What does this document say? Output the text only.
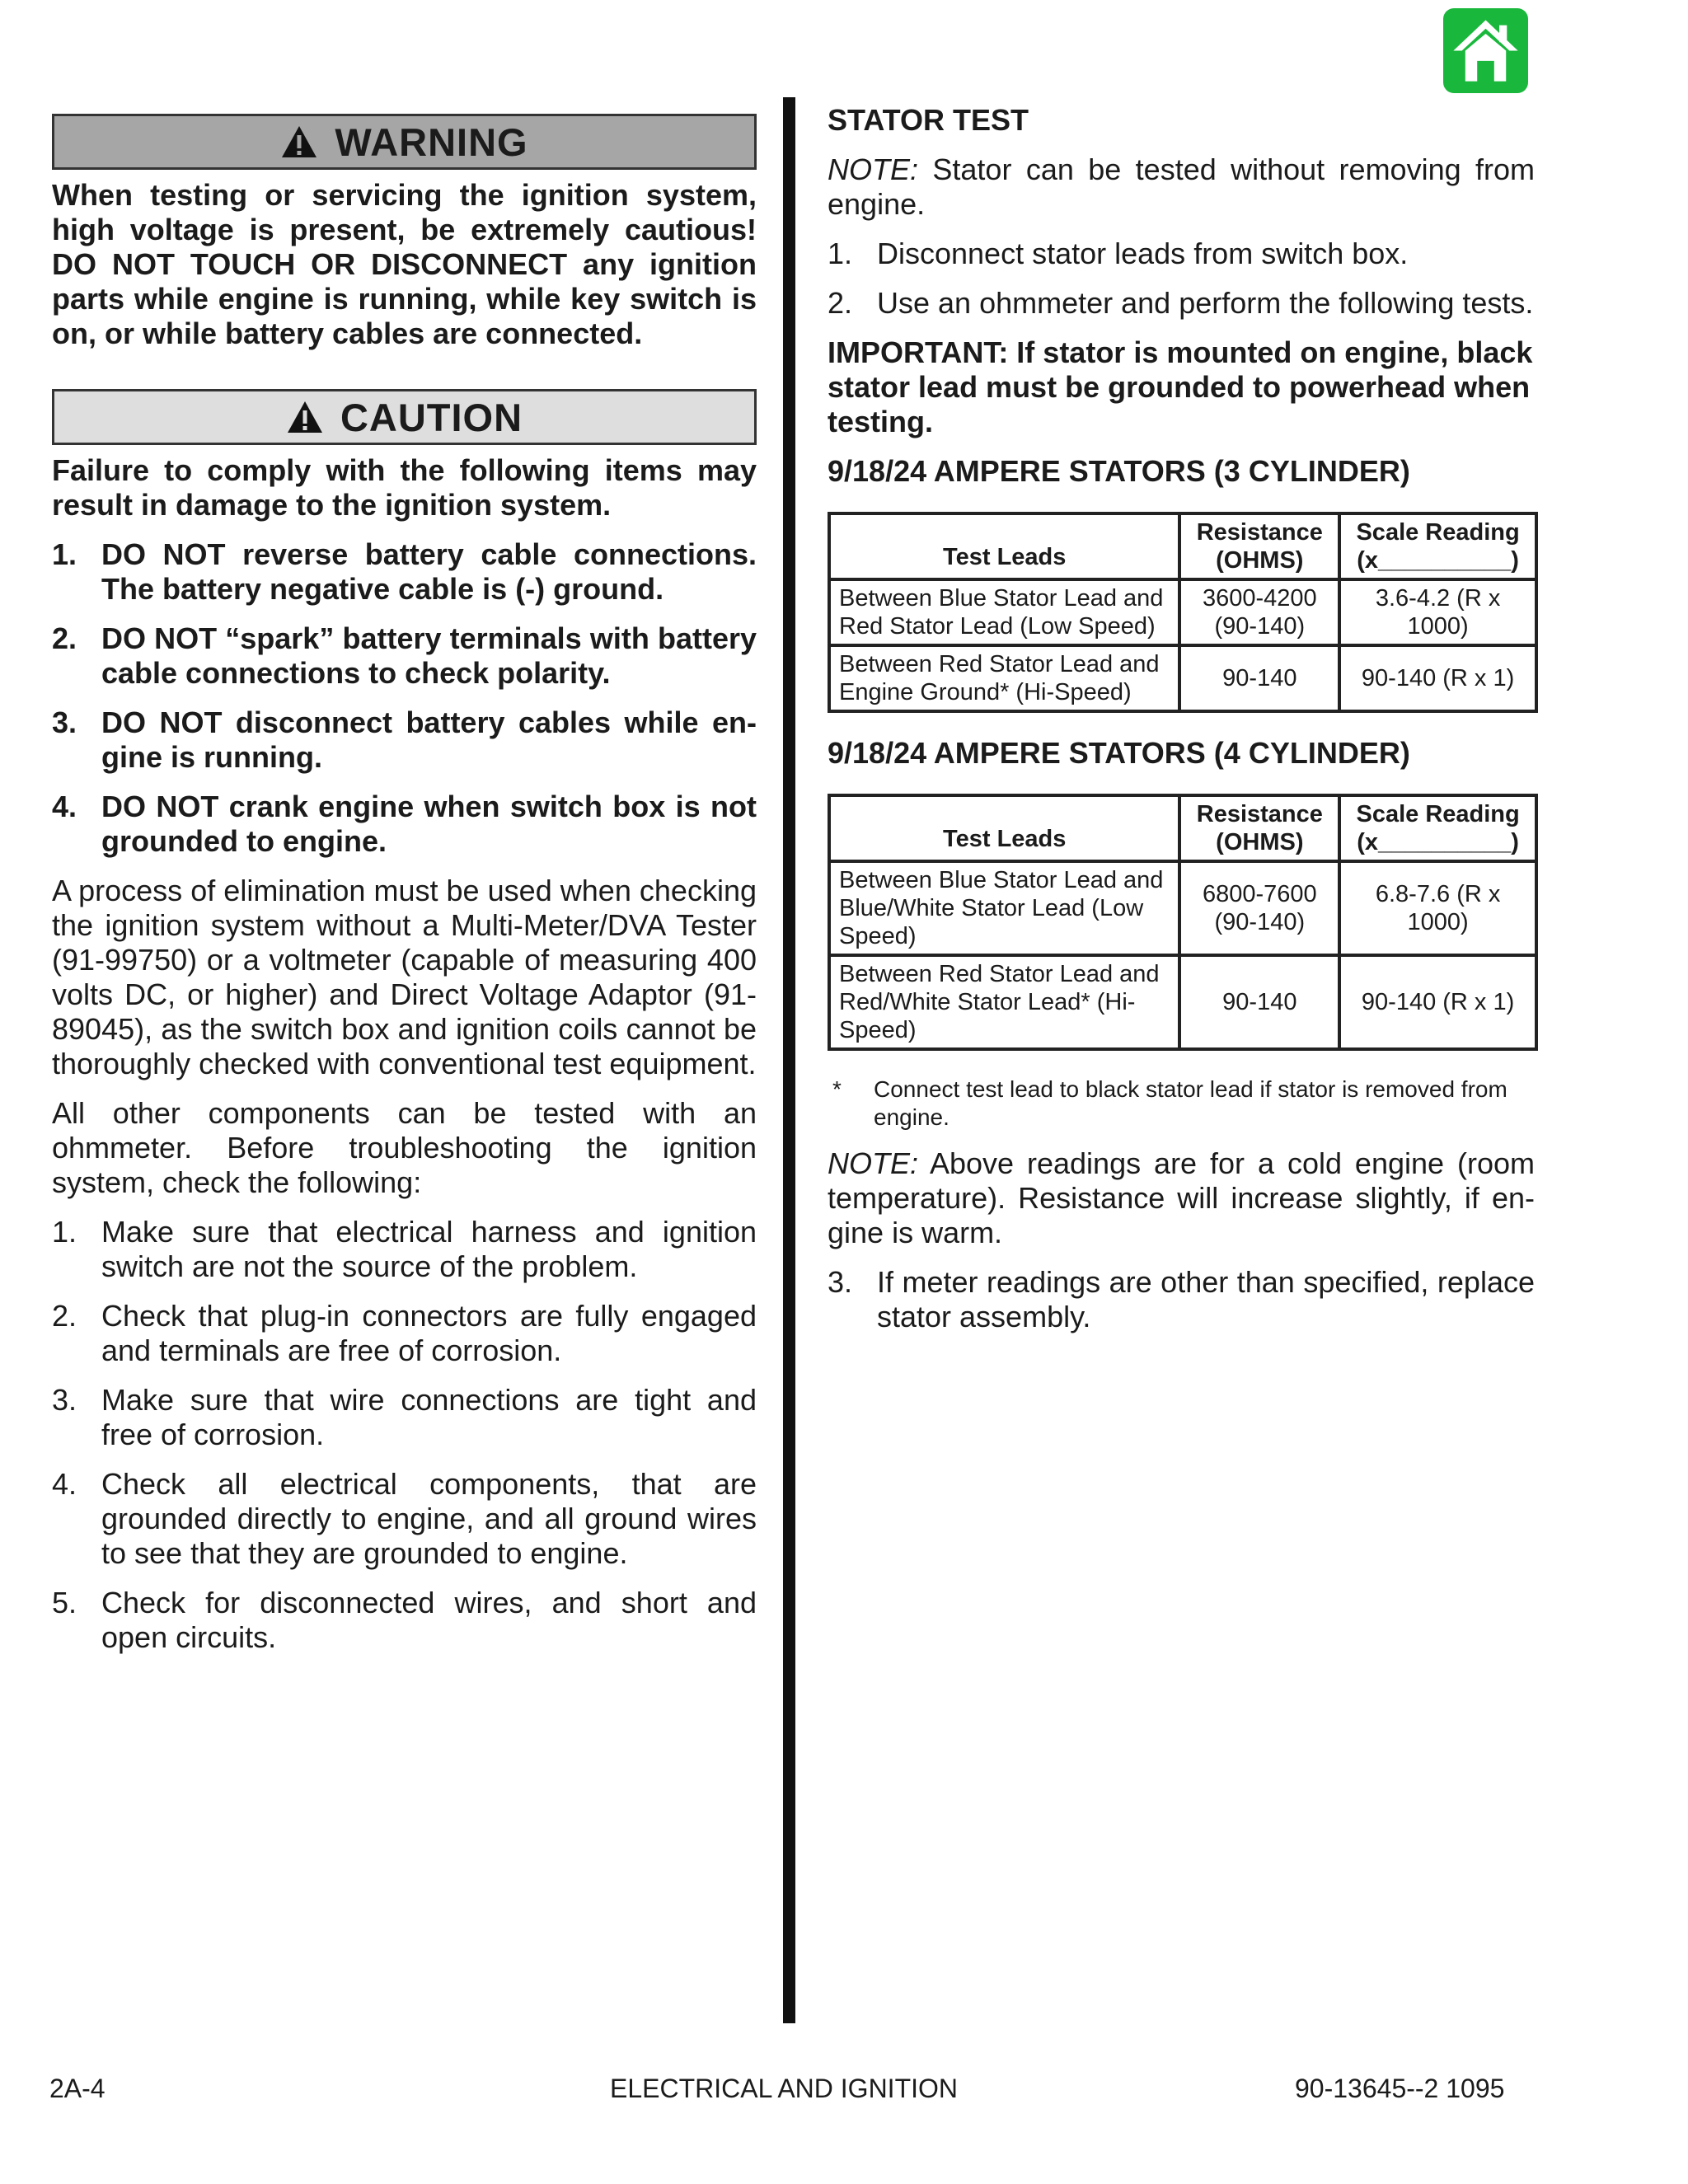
WARNING

When testing or servicing the ignition system, high voltage is present, be extremely cautious! DO NOT TOUCH OR DISCONNECT any ignition parts while engine is running, while key switch is on, or while battery cables are connected.

CAUTION

Failure to comply with the following items may result in damage to the ignition system.

1. DO NOT reverse battery cable connections. The battery negative cable is (-) ground.
2. DO NOT “spark” battery terminals with battery cable connections to check polarity.
3. DO NOT disconnect battery cables while en-gine is running.
4. DO NOT crank engine when switch box is not grounded to engine.

A process of elimination must be used when checking the ignition system without a Multi-Meter/DVA Tester (91-99750) or a voltmeter (capable of measuring 400 volts DC, or higher) and Direct Voltage Adaptor (91-89045), as the switch box and ignition coils cannot be thoroughly checked with conventional test equipment.

All other components can be tested with an ohmmeter. Before troubleshooting the ignition system, check the following:

1. Make sure that electrical harness and ignition switch are not the source of the problem.
2. Check that plug-in connectors are fully engaged and terminals are free of corrosion.
3. Make sure that wire connections are tight and free of corrosion.
4. Check all electrical components, that are grounded directly to engine, and all ground wires to see that they are grounded to engine.
5. Check for disconnected wires, and short and open circuits.

STATOR TEST

NOTE: Stator can be tested without removing from engine.

1. Disconnect stator leads from switch box.
2. Use an ohmmeter and perform the following tests.

IMPORTANT: If stator is mounted on engine, black stator lead must be grounded to powerhead when testing.

9/18/24 AMPERE STATORS (3 CYLINDER)

Test Leads	Resistance (OHMS)	Scale Reading (x__________)
Between Blue Stator Lead and Red Stator Lead (Low Speed)	3600-4200 (90-140)	3.6-4.2 (R x 1000)
Between Red Stator Lead and Engine Ground* (Hi-Speed)	90-140	90-140 (R x 1)

9/18/24 AMPERE STATORS (4 CYLINDER)

Test Leads	Resistance (OHMS)	Scale Reading (x__________)
Between Blue Stator Lead and Blue/White Stator Lead (Low Speed)	6800-7600 (90-140)	6.8-7.6 (R x 1000)
Between Red Stator Lead and Red/White Stator Lead* (Hi-Speed)	90-140	90-140 (R x 1)
*	Connect test lead to black stator lead if stator is removed from engine.

NOTE: Above readings are for a cold engine (room temperature). Resistance will increase slightly, if en-gine is warm.

3. If meter readings are other than specified, replace stator assembly.
2A-4	ELECTRICAL AND IGNITION	90-13645--2 1095
